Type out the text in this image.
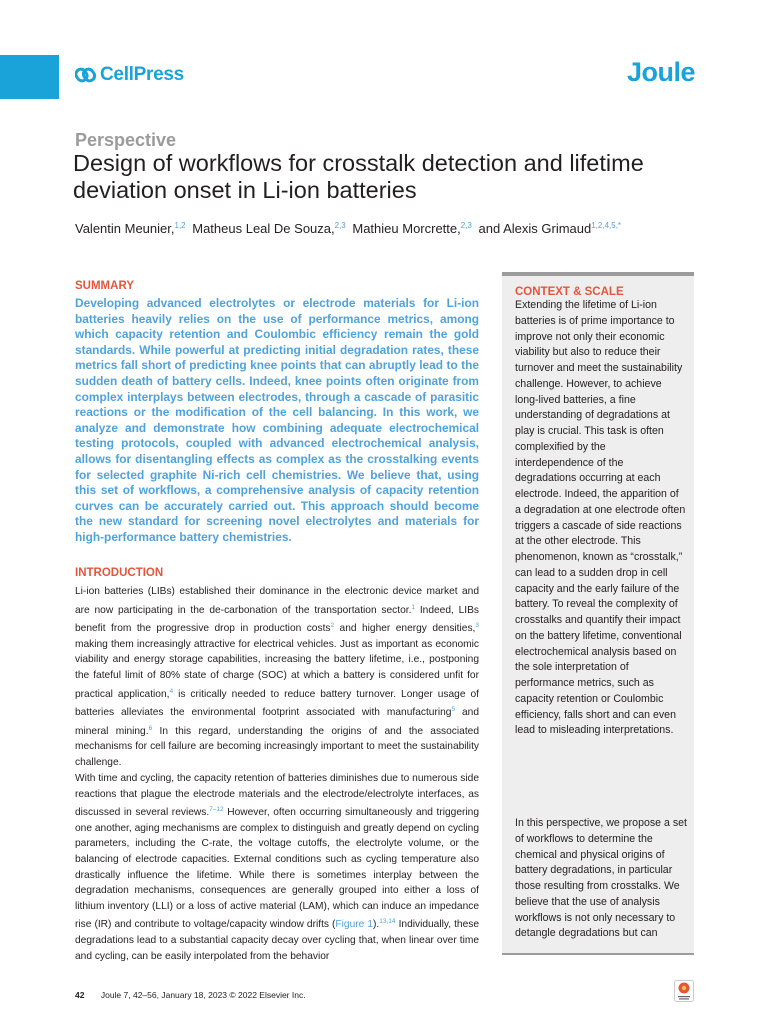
CellPress	Joule
Perspective
Design of workflows for crosstalk detection and lifetime deviation onset in Li-ion batteries
Valentin Meunier,$^{1,2}$ Matheus Leal De Souza,$^{2,3}$ Mathieu Morcrette,$^{2,3}$ and Alexis Grimaud$^{1,2,4,5,*}$
SUMMARY

Developing advanced electrolytes or electrode materials for Li-ion batteries heavily relies on the use of performance metrics, among which capacity retention and Coulombic efficiency remain the gold standards. While powerful at predicting initial degradation rates, these metrics fall short of predicting knee points that can abruptly lead to the sudden death of battery cells. Indeed, knee points often originate from complex interplays between electrodes, through a cascade of parasitic reactions or the modification of the cell balancing. In this work, we analyze and demonstrate how combining adequate electrochemical testing protocols, coupled with advanced electrochemical analysis, allows for disentangling effects as complex as the crosstalking events for selected graphite Ni-rich cell chemistries. We believe that, using this set of workflows, a comprehensive analysis of capacity retention curves can be accurately carried out. This approach should become the new standard for screening novel electrolytes and materials for high-performance battery chemistries.

INTRODUCTION

Li-ion batteries (LIBs) established their dominance in the electronic device market and are now participating in the de-carbonation of the transportation sector.$^1$ Indeed, LIBs benefit from the progressive drop in production costs$^2$ and higher energy densities,$^3$ making them increasingly attractive for electrical vehicles. Just as important as economic viability and energy storage capabilities, increasing the battery lifetime, i.e., postponing the fateful limit of 80% state of charge (SOC) at which a battery is considered unfit for practical application,$^4$ is critically needed to reduce battery turnover. Longer usage of batteries alleviates the environmental footprint associated with manufacturing$^5$ and mineral mining.$^6$ In this regard, understanding the origins of and the associated mechanisms for cell failure are becoming increasingly important to meet the sustainability challenge.

With time and cycling, the capacity retention of batteries diminishes due to numerous side reactions that plague the electrode materials and the electrode/electrolyte interfaces, as discussed in several reviews.$^{7-12}$ However, often occurring simultaneously and triggering one another, aging mechanisms are complex to distinguish and greatly depend on cycling parameters, including the C-rate, the voltage cutoffs, the electrolyte volume, or the balancing of electrode capacities. External conditions such as cycling temperature also drastically influence the lifetime. While there is sometimes interplay between the degradation mechanisms, consequences are generally grouped into either a loss of lithium inventory (LLI) or a loss of active material (LAM), which can induce an impedance rise (IR) and contribute to voltage/capacity window drifts (Figure 1).$^{13,14}$ Individually, these degradations lead to a substantial capacity decay over cycling that, when linear over time and cycling, can be easily interpolated from the behavior

CONTEXT & SCALE

Extending the lifetime of Li-ion batteries is of prime importance to improve not only their economic viability but also to reduce their turnover and meet the sustainability challenge. However, to achieve long-lived batteries, a fine understanding of degradations at play is crucial. This task is often complexified by the interdependence of the degradations occurring at each electrode. Indeed, the apparition of a degradation at one electrode often triggers a cascade of side reactions at the other electrode. This phenomenon, known as “crosstalk,” can lead to a sudden drop in cell capacity and the early failure of the battery. To reveal the complexity of crosstalks and quantify their impact on the battery lifetime, conventional electrochemical analysis based on the sole interpretation of performance metrics, such as capacity retention or Coulombic efficiency, falls short and can even lead to misleading interpretations.

In this perspective, we propose a set of workflows to determine the chemical and physical origins of battery degradations, in particular those resulting from crosstalks. We believe that the use of analysis workflows is not only necessary to detangle degradations but can

42 Joule 7, 42–56, January 18, 2023 © 2022 Elsevier Inc.
